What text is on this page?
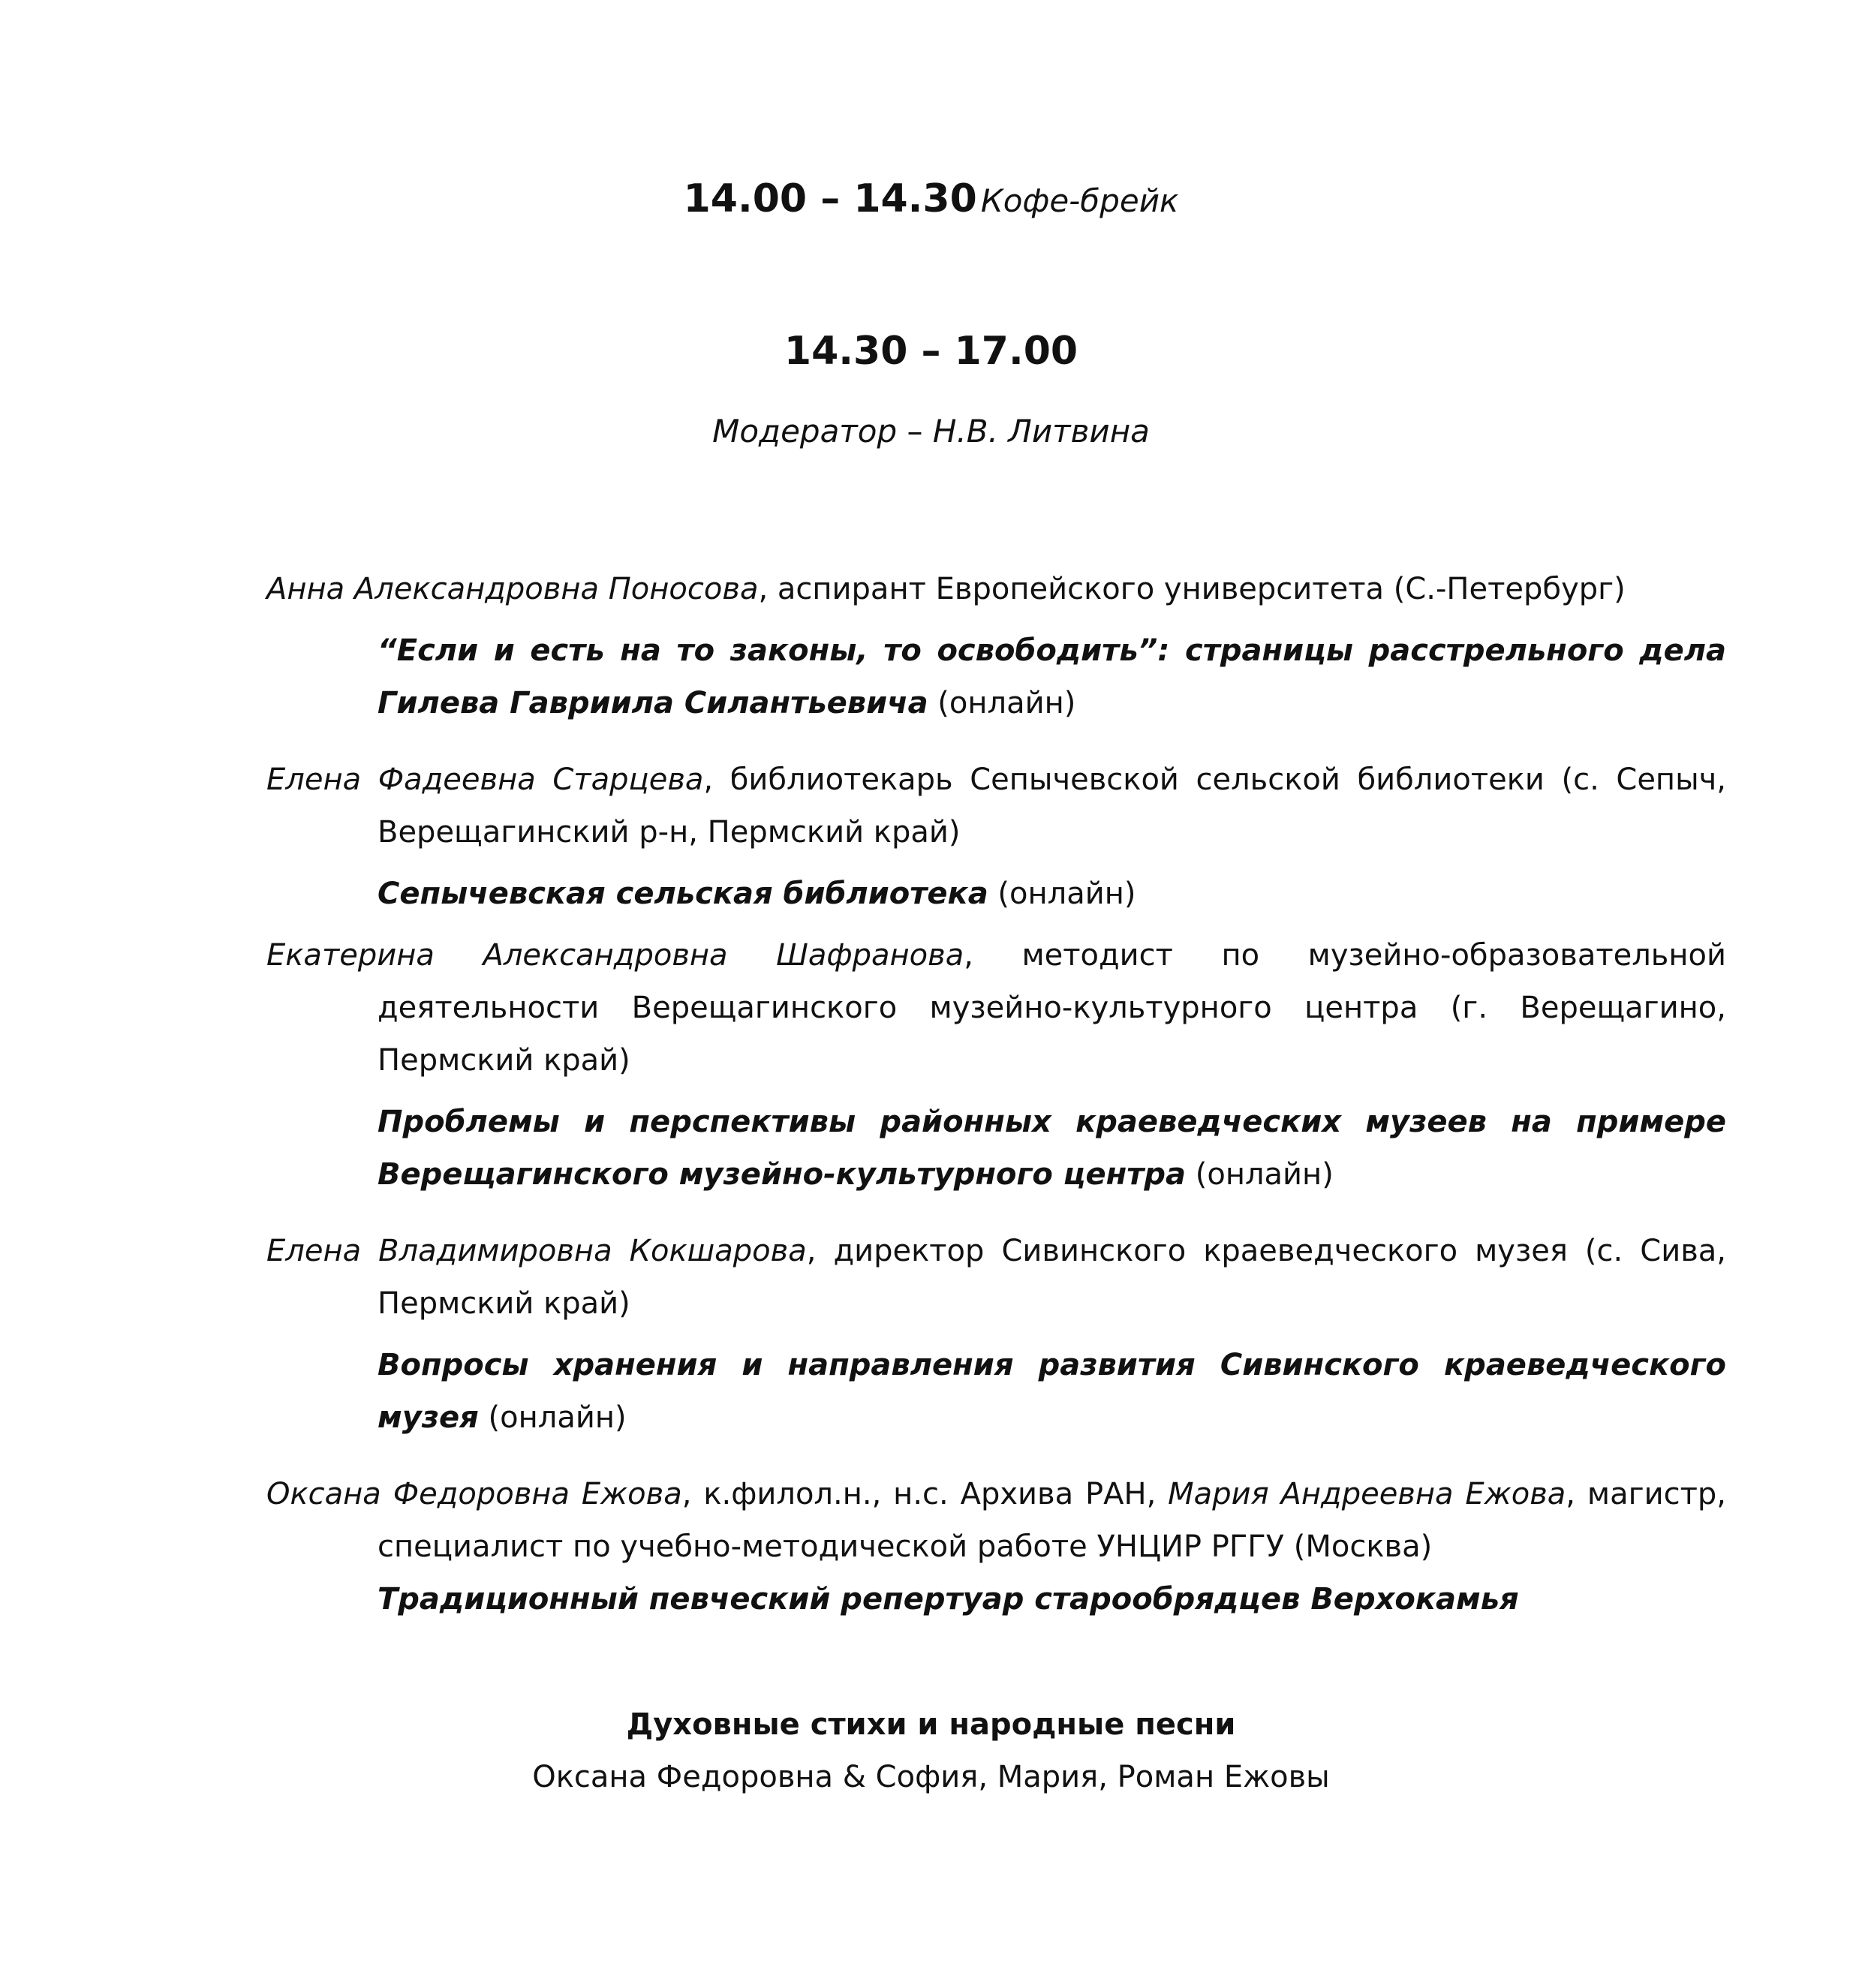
14.00 – 14.30 Кофе-брейк
14.30 – 17.00
Модератор – Н.В. Литвина

Анна Александровна Поносова, аспирант Европейского университета (С.-Петербург)

“Если и есть на то законы, то освободить”: страницы расстрельного дела Гилева Гавриила Силантьевича (онлайн)

Елена Фадеевна Старцева, библиотекарь Сепычевской сельской библиотеки (с. Сепыч, Верещагинский р-н, Пермский край)

Сепычевская сельская библиотека (онлайн)

Екатерина Александровна Шафранова, методист по музейно-образовательной деятельности Верещагинского музейно-культурного центра (г. Верещагино, Пермский край)

Проблемы и перспективы районных краеведческих музеев на примере Верещагинского музейно-культурного центра (онлайн)

Елена Владимировна Кокшарова, директор Сивинского краеведческого музея (с. Сива, Пермский край)

Вопросы хранения и направления развития Сивинского краеведческого музея (онлайн)

Оксана Федоровна Ежова, к.филол.н., н.с. Архива РАН, Мария Андреевна Ежова, магистр, специалист по учебно-методической работе УНЦИР РГГУ (Москва)

Традиционный певческий репертуар старообрядцев Верхокамья

Духовные стихи и народные песни
Оксана Федоровна & София, Мария, Роман Ежовы
